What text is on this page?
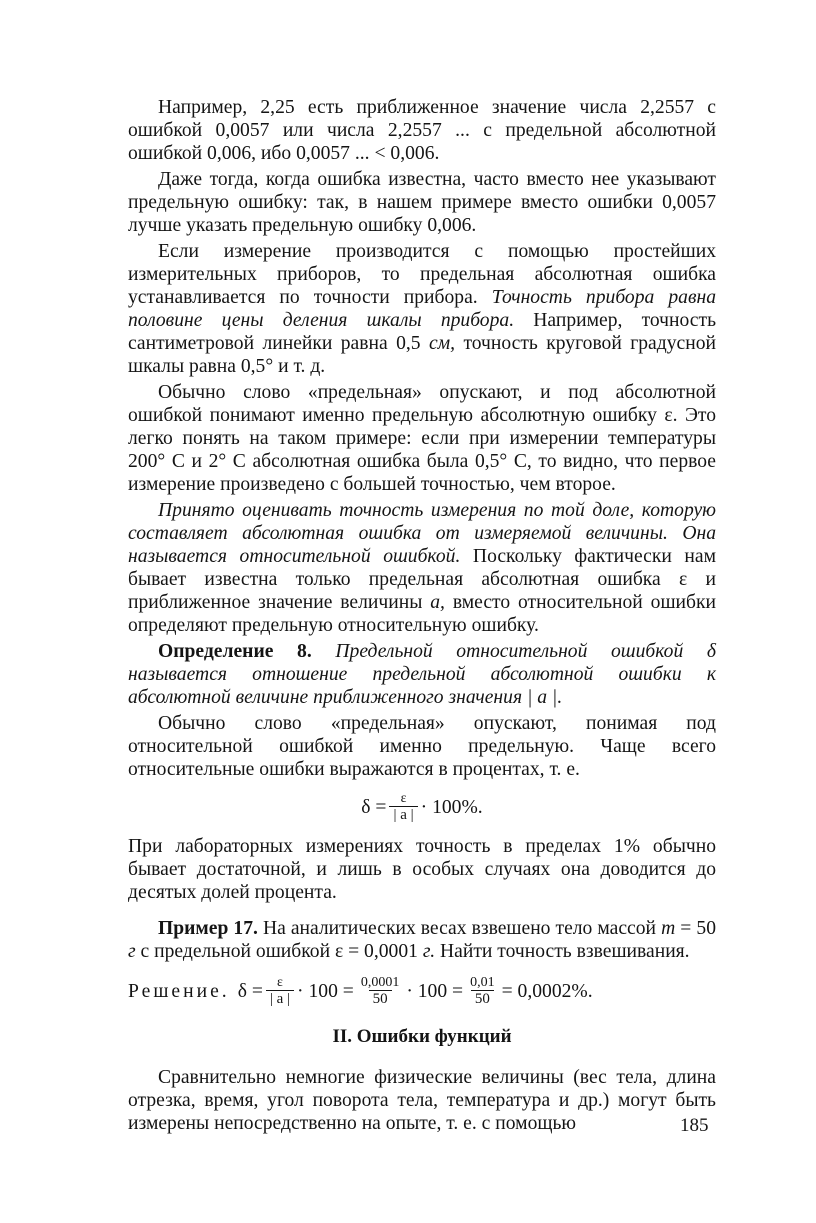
Например, 2,25 есть приближенное значение числа 2,2557 с ошибкой 0,0057 или числа 2,2557 ... с предельной абсолютной ошибкой 0,006, ибо 0,0057 ... < 0,006.

Даже тогда, когда ошибка известна, часто вместо нее указывают предельную ошибку: так, в нашем примере вместо ошибки 0,0057 лучше указать предельную ошибку 0,006.

Если измерение производится с помощью простейших измерительных приборов, то предельная абсолютная ошибка устанавливается по точности прибора. Точность прибора равна половине цены деления шкалы прибора. Например, точность сантиметровой линейки равна 0,5 см, точность круговой градусной шкалы равна 0,5° и т. д.

Обычно слово «предельная» опускают, и под абсолютной ошибкой понимают именно предельную абсолютную ошибку ε. Это легко понять на таком примере: если при измерении температуры 200° С и 2° С абсолютная ошибка была 0,5° С, то видно, что первое измерение произведено с большей точностью, чем второе.

Принято оценивать точность измерения по той доле, которую составляет абсолютная ошибка от измеряемой величины. Она называется относительной ошибкой. Поскольку фактически нам бывает известна только предельная абсолютная ошибка ε и приближенное значение величины a, вместо относительной ошибки определяют предельную относительную ошибку.

Определение 8. Предельной относительной ошибкой δ называется отношение предельной абсолютной ошибки к абсолютной величине приближенного значения | a |.

Обычно слово «предельная» опускают, понимая под относительной ошибкой именно предельную. Чаще всего относительные ошибки выражаются в процентах, т. е.

$\delta = \frac{\varepsilon}{| a |} \cdot 100\%$.

При лабораторных измерениях точность в пределах 1% обычно бывает достаточной, и лишь в особых случаях она доводится до десятых долей процента.

Пример 17. На аналитических весах взвешено тело массой m = 50 г с предельной ошибкой ε = 0,0001 г. Найти точность взвешивания.

Решение. $\delta = \frac{\varepsilon}{| a |} \cdot 100 = \frac{0,0001}{50} \cdot 100 = \frac{0,01}{50} = 0,0002\%$.
II. Ошибки функций

Сравнительно немногие физические величины (вес тела, длина отрезка, время, угол поворота тела, температура и др.) могут быть измерены непосредственно на опыте, т. е. с помощью	185
